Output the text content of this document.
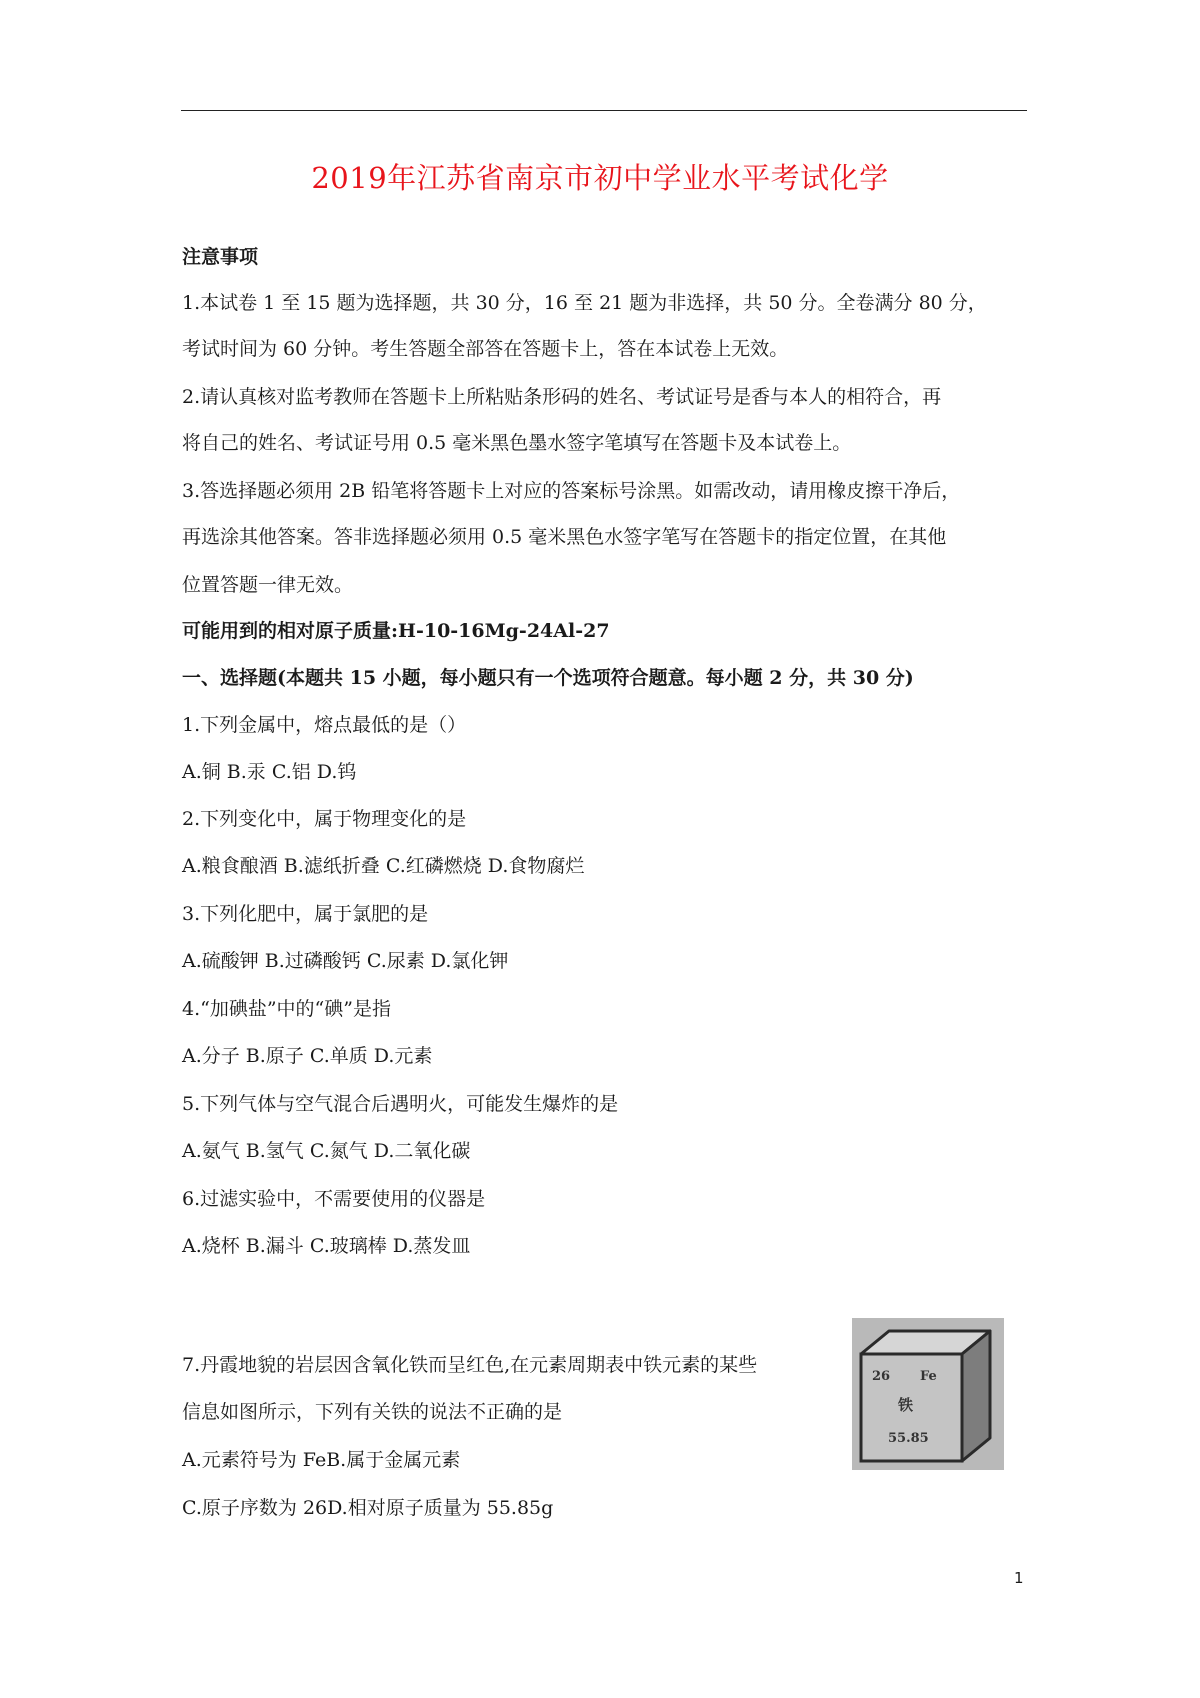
2019年江苏省南京市初中学业水平考试化学

注意事项

1.本试卷 1 至 15 题为选择题，共 30 分，16 至 21 题为非选择，共 50 分。全卷满分 80 分，

考试时间为 60 分钟。考生答题全部答在答题卡上，答在本试卷上无效。

2.请认真核对监考教师在答题卡上所粘贴条形码的姓名、考试证号是香与本人的相符合，再

将自己的姓名、考试证号用 0.5 毫米黑色墨水签字笔填写在答题卡及本试卷上。

3.答选择题必须用 2B 铅笔将答题卡上对应的答案标号涂黑。如需改动，请用橡皮擦干净后，

再选涂其他答案。答非选择题必须用 0.5 毫米黑色水签字笔写在答题卡的指定位置，在其他

位置答题一律无效。

可能用到的相对原子质量:H-10-16Mg-24Al-27

一、选择题(本题共 15 小题，每小题只有一个选项符合题意。每小题 2 分，共 30 分)

1.下列金属中，熔点最低的是（）

A.铜 B.汞 C.铝 D.钨

2.下列变化中，属于物理变化的是

A.粮食酿酒 B.滤纸折叠 C.红磷燃烧 D.食物腐烂

3.下列化肥中，属于氯肥的是

A.硫酸钾 B.过磷酸钙 C.尿素 D.氯化钾

4.“加碘盐”中的“碘”是指

A.分子 B.原子 C.单质 D.元素

5.下列气体与空气混合后遇明火，可能发生爆炸的是

A.氨气 B.氢气 C.氮气 D.二氧化碳

6.过滤实验中，不需要使用的仪器是

A.烧杯 B.漏斗 C.玻璃棒 D.蒸发皿

7.丹霞地貌的岩层因含氧化铁而呈红色,在元素周期表中铁元素的某些

信息如图所示，下列有关铁的说法不正确的是

A.元素符号为 FeB.属于金属元素

C.原子序数为 26D.相对原子质量为 55.85g

26 Fe
铁
55.85
1
